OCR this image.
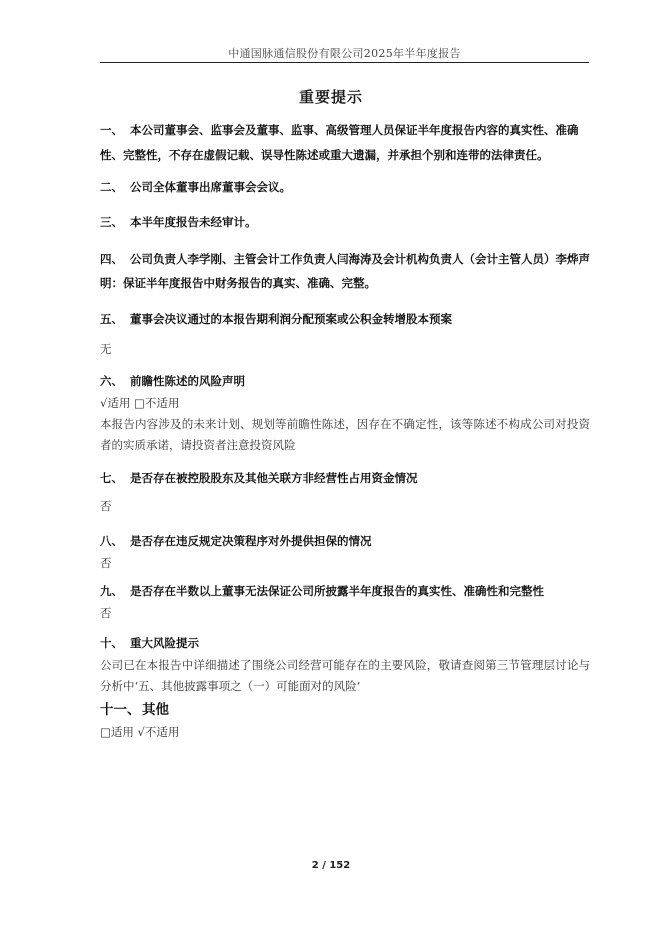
中通国脉通信股份有限公司2025年半年度报告
重要提示
一、 本公司董事会、监事会及董事、监事、高级管理人员保证半年度报告内容的真实性、准确性、完整性，不存在虚假记载、误导性陈述或重大遗漏，并承担个别和连带的法律责任。
二、 公司全体董事出席董事会会议。
三、 本半年度报告未经审计。
四、 公司负责人李学刚、主管会计工作负责人闫海涛及会计机构负责人（会计主管人员）李烨声明：保证半年度报告中财务报告的真实、准确、完整。
五、 董事会决议通过的本报告期利润分配预案或公积金转增股本预案
无
六、 前瞻性陈述的风险声明
√适用 □不适用
本报告内容涉及的未来计划、规划等前瞻性陈述，因存在不确定性，该等陈述不构成公司对投资者的实质承诺，请投资者注意投资风险
七、 是否存在被控股股东及其他关联方非经营性占用资金情况
否
八、 是否存在违反规定决策程序对外提供担保的情况
否
九、 是否存在半数以上董事无法保证公司所披露半年度报告的真实性、准确性和完整性
否
十、 重大风险提示
公司已在本报告中详细描述了围绕公司经营可能存在的主要风险，敬请查阅第三节管理层讨论与分析中‘五、其他披露事项之（一）可能面对的风险’
十一、 其他
□适用 √不适用
2 / 152
